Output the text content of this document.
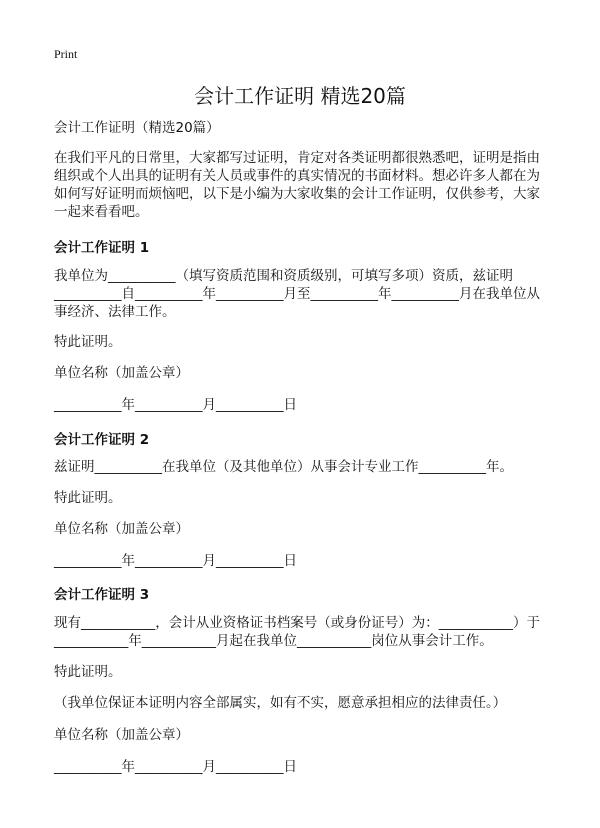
Print
会计工作证明 精选20篇
会计工作证明（精选20篇）
在我们平凡的日常里，大家都写过证明，肯定对各类证明都很熟悉吧，证明是指由
组织或个人出具的证明有关人员或事件的真实情况的书面材料。想必许多人都在为
如何写好证明而烦恼吧，以下是小编为大家收集的会计工作证明，仅供参考，大家
一起来看看吧。
会计工作证明 1
我单位为__________（填写资质范围和资质级别，可填写多项）资质，兹证明
__________自__________年__________月至__________年__________月在我单位从
事经济、法律工作。
特此证明。
单位名称（加盖公章）
__________年__________月__________日
会计工作证明 2
兹证明__________在我单位（及其他单位）从事会计专业工作__________年。
特此证明。
单位名称（加盖公章）
__________年__________月__________日
会计工作证明 3
现有___________，会计从业资格证书档案号（或身份证号）为：___________）于
___________年___________月起在我单位___________岗位从事会计工作。
特此证明。
（我单位保证本证明内容全部属实，如有不实，愿意承担相应的法律责任。）
单位名称（加盖公章）
__________年__________月__________日
